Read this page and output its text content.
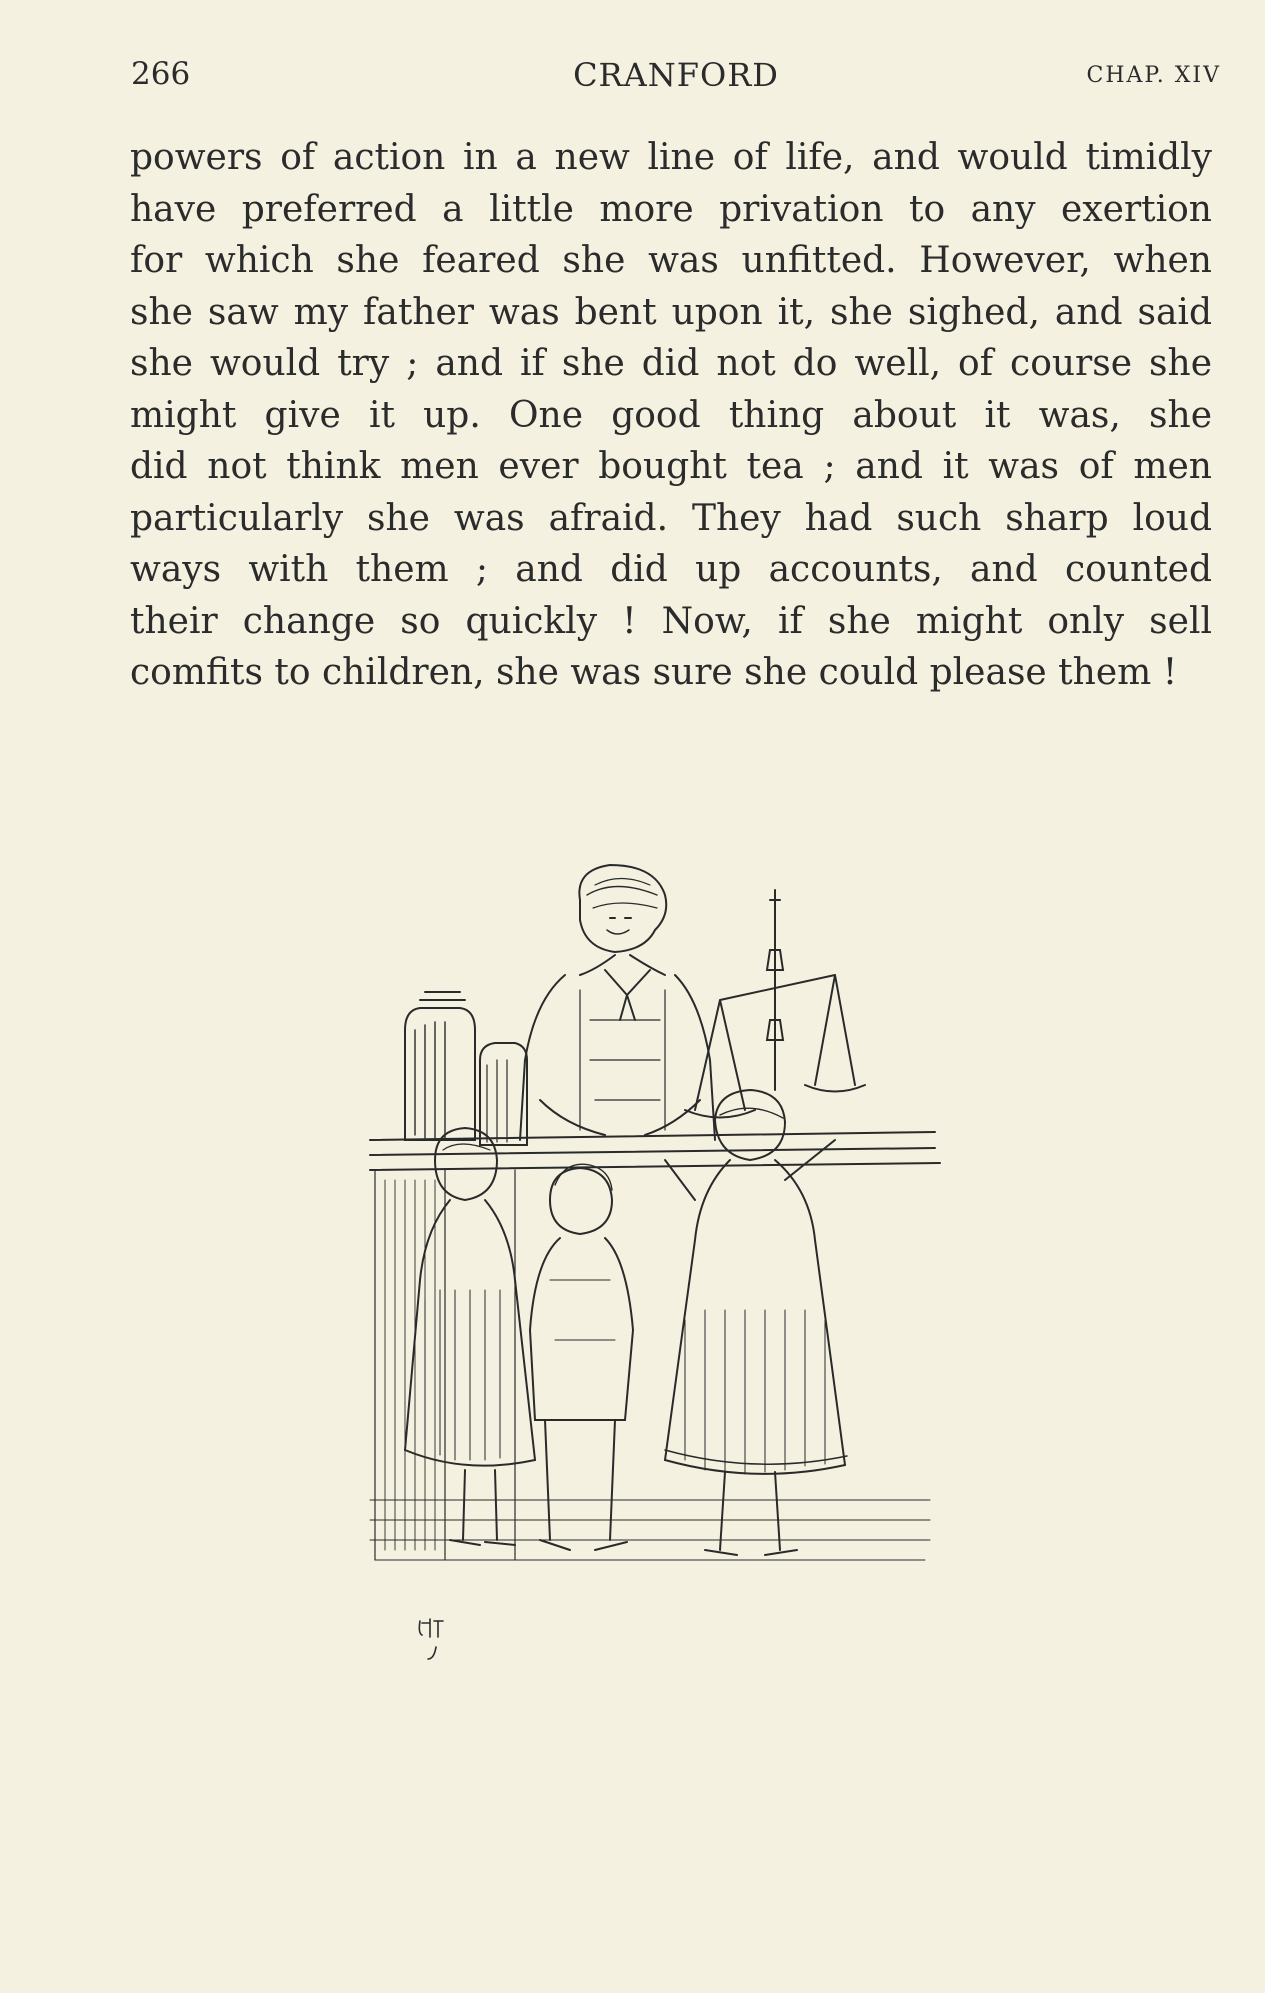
266	CRANFORD	CHAP. XIV

powers of action in a new line of life, and would timidly
have preferred a little more privation to any exertion
for which she feared she was unfitted. However, when
she saw my father was bent upon it, she sighed, and said
she would try ; and if she did not do well, of course she
might give it up. One good thing about it was, she
did not think men ever bought tea ; and it was of men
particularly she was afraid. They had such sharp loud
ways with them ; and did up accounts, and counted
their change so quickly ! Now, if she might only sell
comfits to children, she was sure she could please them !
